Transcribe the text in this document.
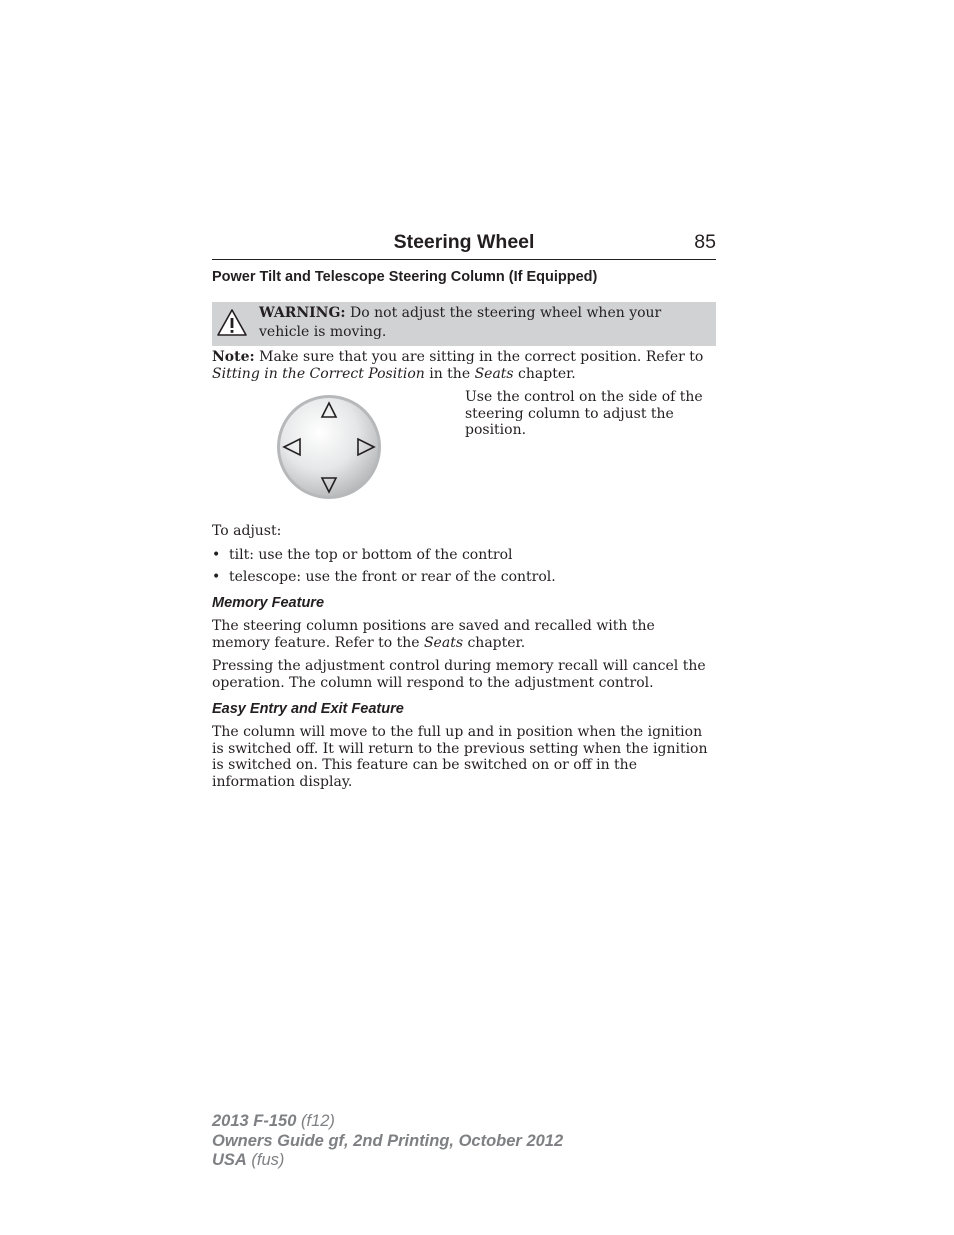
Steering Wheel	85
Power Tilt and Telescope Steering Column (If Equipped)
WARNING: Do not adjust the steering wheel when your vehicle is moving.

Note: Make sure that you are sitting in the correct position. Refer to Sitting in the Correct Position in the Seats chapter.

Use the control on the side of the steering column to adjust the position.

To adjust:

• tilt: use the top or bottom of the control
• telescope: use the front or rear of the control.
Memory Feature

The steering column positions are saved and recalled with the memory feature. Refer to the Seats chapter.

Pressing the adjustment control during memory recall will cancel the operation. The column will respond to the adjustment control.

Easy Entry and Exit Feature

The column will move to the full up and in position when the ignition is switched off. It will return to the previous setting when the ignition is switched on. This feature can be switched on or off in the information display.

2013 F-150 (f12)
Owners Guide gf, 2nd Printing, October 2012
USA (fus)
